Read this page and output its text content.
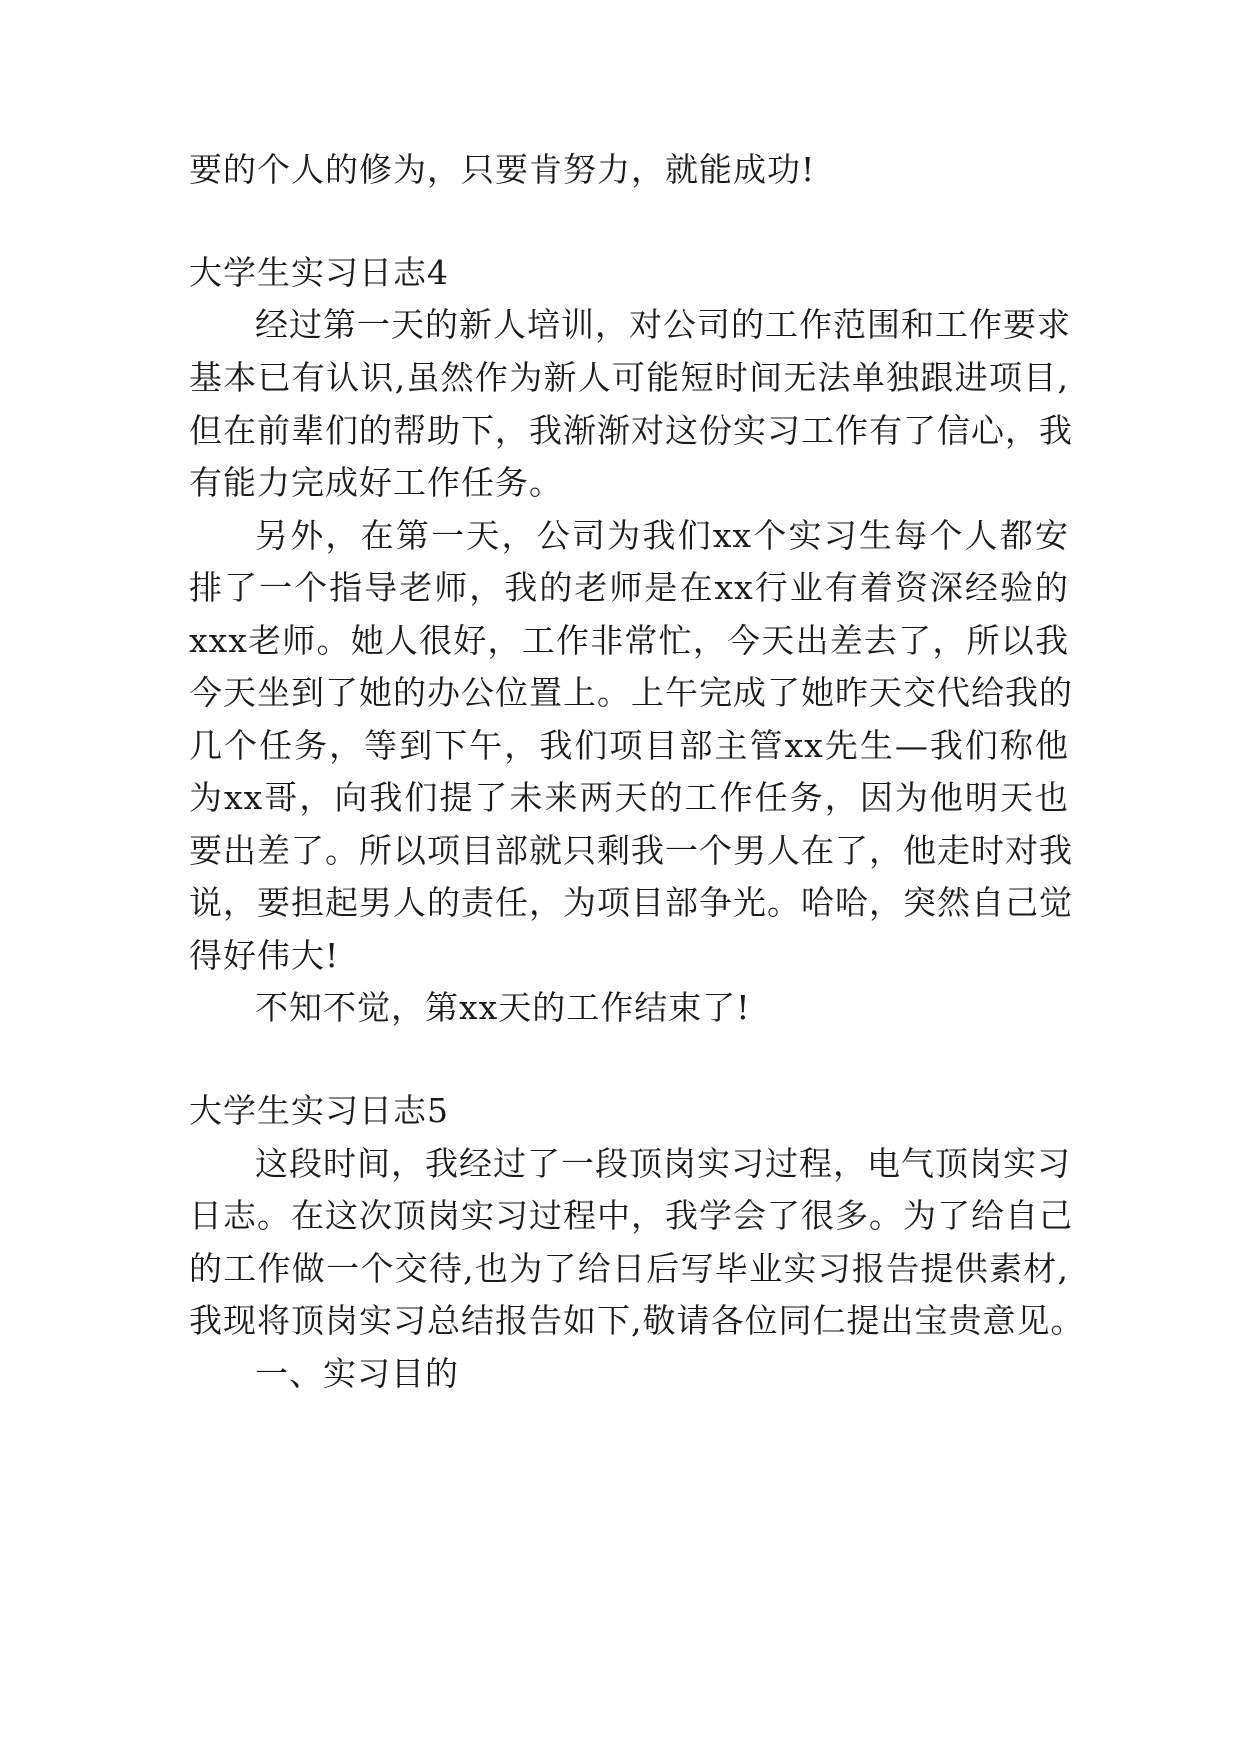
要的个人的修为，只要肯努力，就能成功!
大学生实习日志4
经过第一天的新人培训，对公司的工作范围和工作要求
基本已有认识,虽然作为新人可能短时间无法单独跟进项目,
但在前辈们的帮助下，我渐渐对这份实习工作有了信心，我
有能力完成好工作任务。
另外，在第一天，公司为我们xx个实习生每个人都安
排了一个指导老师，我的老师是在xx行业有着资深经验的
xxx老师。她人很好，工作非常忙，今天出差去了，所以我
今天坐到了她的办公位置上。上午完成了她昨天交代给我的
几个任务，等到下午，我们项目部主管xx先生—我们称他
为xx哥，向我们提了未来两天的工作任务，因为他明天也
要出差了。所以项目部就只剩我一个男人在了，他走时对我
说，要担起男人的责任，为项目部争光。哈哈，突然自己觉
得好伟大!
不知不觉，第xx天的工作结束了!
大学生实习日志5
这段时间，我经过了一段顶岗实习过程，电气顶岗实习
日志。在这次顶岗实习过程中，我学会了很多。为了给自己
的工作做一个交待,也为了给日后写毕业实习报告提供素材,
我现将顶岗实习总结报告如下,敬请各位同仁提出宝贵意见。
一、实习目的
